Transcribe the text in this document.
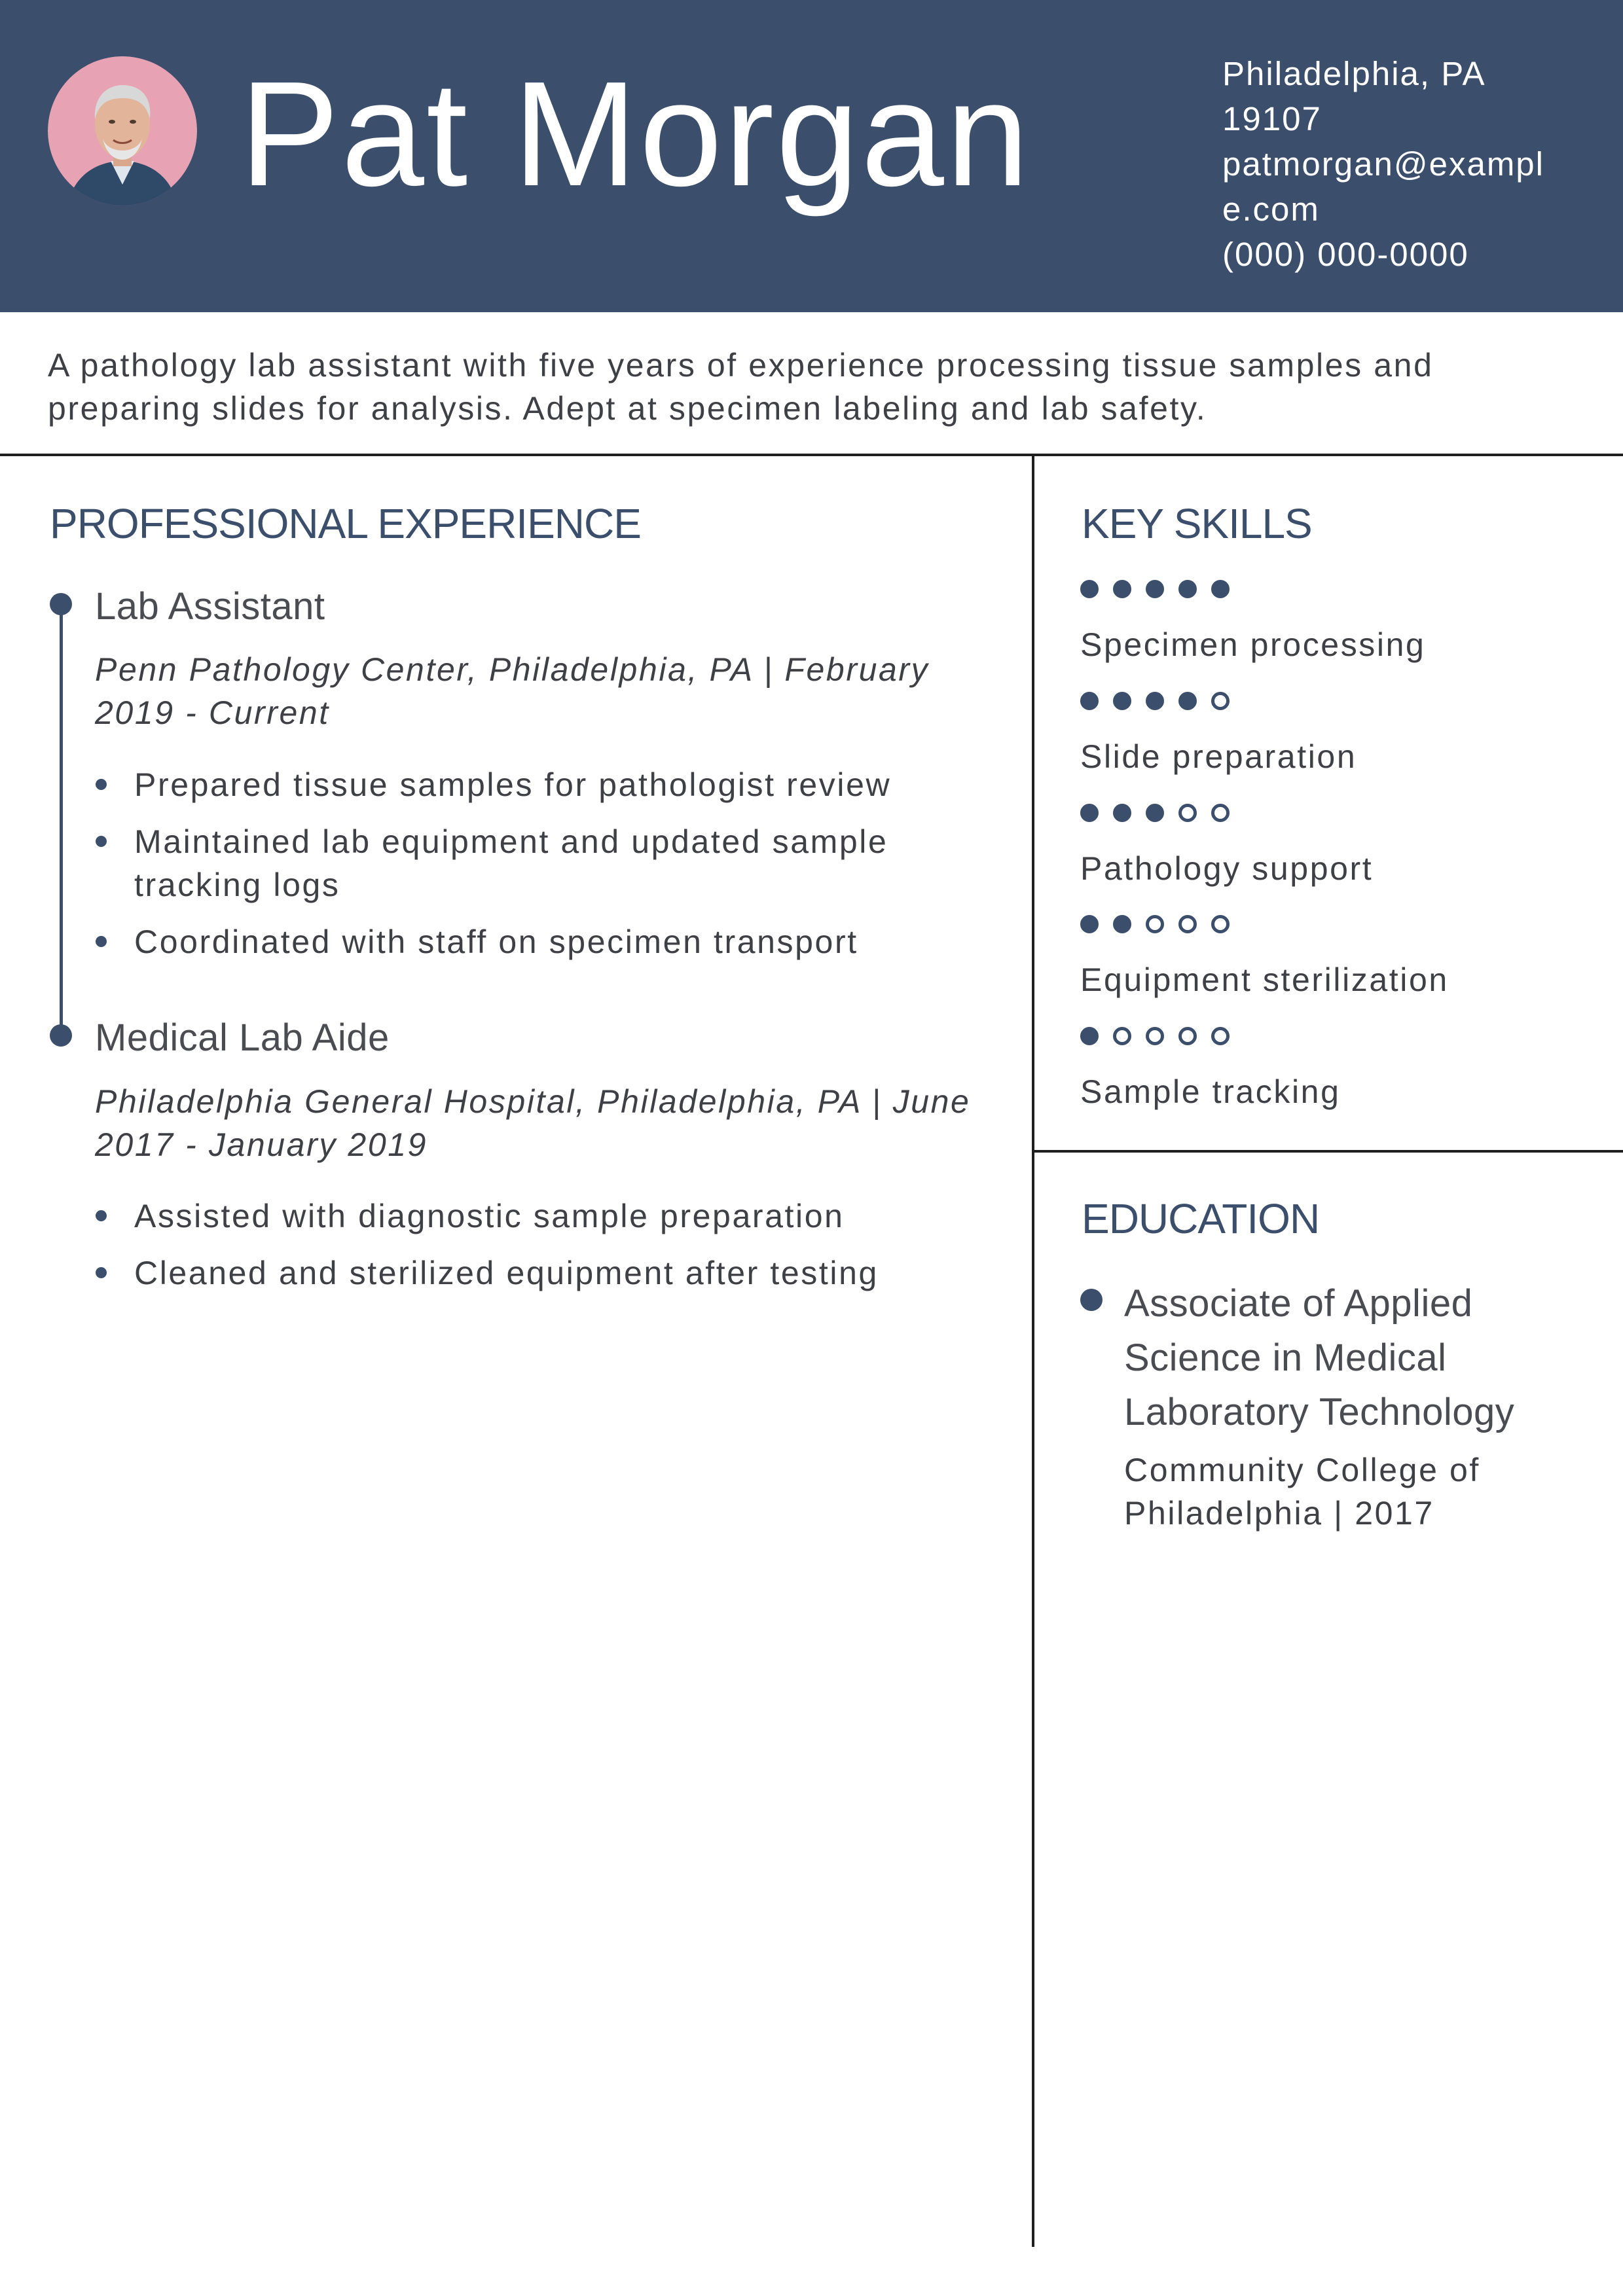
Pat Morgan	Philadelphia, PA
19107
patmorgan@exampl
e.com
(000) 000-0000

A pathology lab assistant with five years of experience processing tissue samples and preparing slides for analysis. Adept at specimen labeling and lab safety.

PROFESSIONAL EXPERIENCE
Lab Assistant

Penn Pathology Center, Philadelphia, PA | February 2019 - Current

Prepared tissue samples for pathologist review
Maintained lab equipment and updated sample tracking logs
Coordinated with staff on specimen transport
Medical Lab Aide

Philadelphia General Hospital, Philadelphia, PA | June 2017 - January 2019

Assisted with diagnostic sample preparation
Cleaned and sterilized equipment after testing
KEY SKILLS
Specimen processing
Slide preparation
Pathology support
Equipment sterilization
Sample tracking
EDUCATION

Associate of Applied Science in Medical Laboratory Technology

Community College of Philadelphia | 2017
